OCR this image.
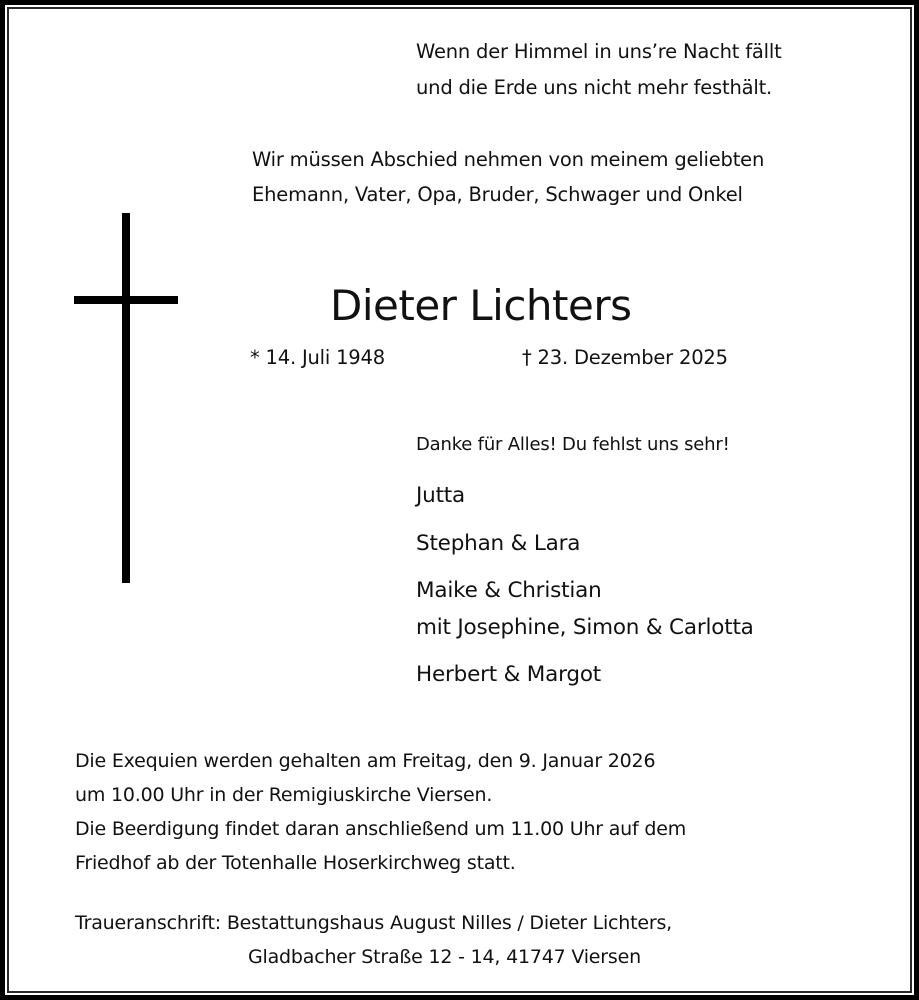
Wenn der Himmel in uns’re Nacht fällt
und die Erde uns nicht mehr festhält.
Wir müssen Abschied nehmen von meinem geliebten
Ehemann, Vater, Opa, Bruder, Schwager und Onkel
Dieter Lichters
* 14. Juli 1948	† 23. Dezember 2025
Danke für Alles! Du fehlst uns sehr!
Jutta
Stephan & Lara
Maike & Christian
mit Josephine, Simon & Carlotta
Herbert & Margot
Die Exequien werden gehalten am Freitag, den 9. Januar 2026
um 10.00 Uhr in der Remigiuskirche Viersen.
Die Beerdigung findet daran anschließend um 11.00 Uhr auf dem
Friedhof ab der Totenhalle Hoserkirchweg statt.
Traueranschrift: Bestattungshaus August Nilles / Dieter Lichters,
Gladbacher Straße 12 - 14, 41747 Viersen
